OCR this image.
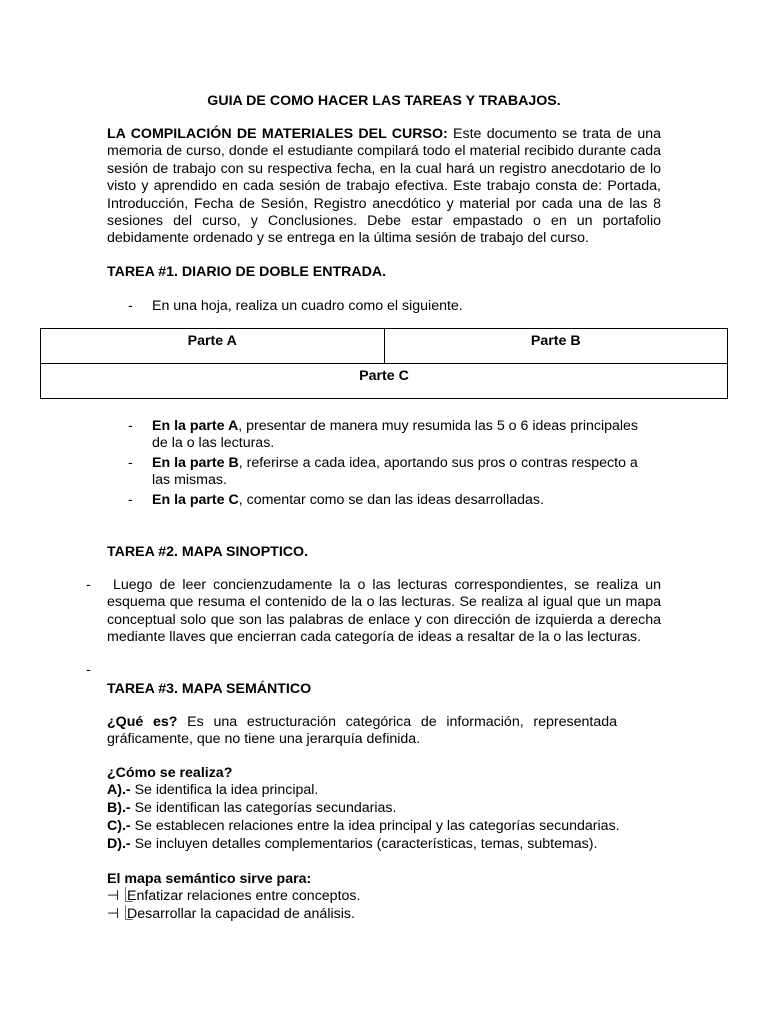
GUIA DE COMO HACER LAS TAREAS Y TRABAJOS.
LA COMPILACIÓN DE MATERIALES DEL CURSO: Este documento se trata de una memoria de curso, donde el estudiante compilará todo el material recibido durante cada sesión de trabajo con su respectiva fecha, en la cual hará un registro anecdotario de lo visto y aprendido en cada sesión de trabajo efectiva. Este trabajo consta de: Portada, Introducción, Fecha de Sesión, Registro anecdótico y material por cada una de las 8 sesiones del curso, y Conclusiones. Debe estar empastado o en un portafolio debidamente ordenado y se entrega en la última sesión de trabajo del curso.
TAREA #1. DIARIO DE DOBLE ENTRADA.
- En una hoja, realiza un cuadro como el siguiente.
Parte A	Parte B

Parte C
- En la parte A, presentar de manera muy resumida las 5 o 6 ideas principales de la o las lecturas.
- En la parte B, referirse a cada idea, aportando sus pros o contras respecto a las mismas.
- En la parte C, comentar como se dan las ideas desarrolladas.
TAREA #2. MAPA SINOPTICO.
-	Luego de leer concienzudamente la o las lecturas correspondientes, se realiza un esquema que resuma el contenido de la o las lecturas. Se realiza al igual que un mapa conceptual solo que son las palabras de enlace y con dirección de izquierda a derecha mediante llaves que encierran cada categoría de ideas a resaltar de la o las lecturas.
-
TAREA #3. MAPA SEMÁNTICO
¿Qué es? Es una estructuración categórica de información, representada gráficamente, que no tiene una jerarquía definida.
¿Cómo se realiza?
A).- Se identifica la idea principal.
B).- Se identifican las categorías secundarias.
C).- Se establecen relaciones entre la idea principal y las categorías secundarias.
D).- Se incluyen detalles complementarios (características, temas, subtemas).
El mapa semántico sirve para:
⊣⎿Enfatizar relaciones entre conceptos.
⊣⎿Desarrollar la capacidad de análisis.
